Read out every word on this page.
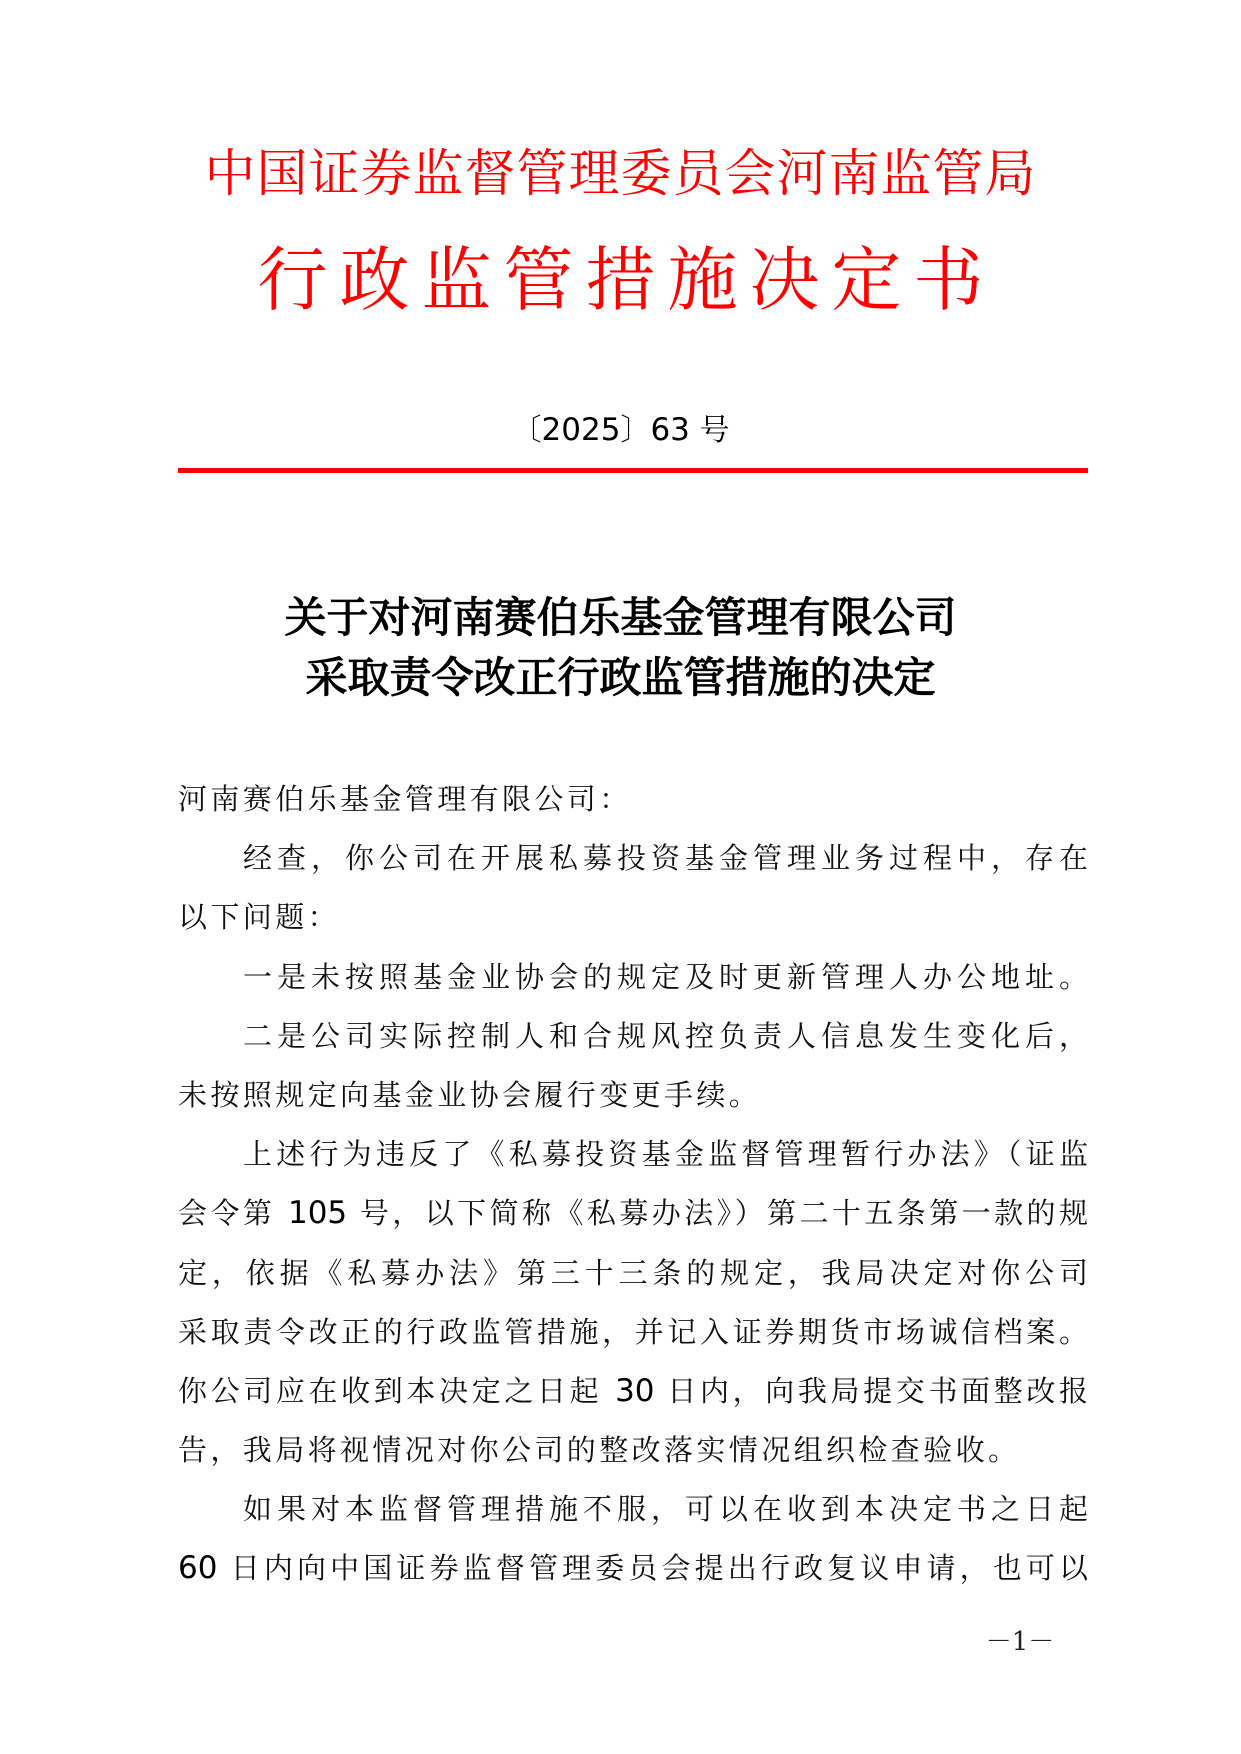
中国证券监督管理委员会河南监管局
行政监管措施决定书
〔2025〕63 号
关于对河南赛伯乐基金管理有限公司
采取责令改正行政监管措施的决定
河南赛伯乐基金管理有限公司：
经查，你公司在开展私募投资基金管理业务过程中，存在
以下问题：
一是未按照基金业协会的规定及时更新管理人办公地址。
二是公司实际控制人和合规风控负责人信息发生变化后，
未按照规定向基金业协会履行变更手续。
上述行为违反了《私募投资基金监督管理暂行办法》（证监
会令第 105 号，以下简称《私募办法》）第二十五条第一款的规
定，依据《私募办法》第三十三条的规定，我局决定对你公司
采取责令改正的行政监管措施，并记入证券期货市场诚信档案。
你公司应在收到本决定之日起 30 日内，向我局提交书面整改报
告，我局将视情况对你公司的整改落实情况组织检查验收。
如果对本监督管理措施不服，可以在收到本决定书之日起
60 日内向中国证券监督管理委员会提出行政复议申请，也可以
－1－
